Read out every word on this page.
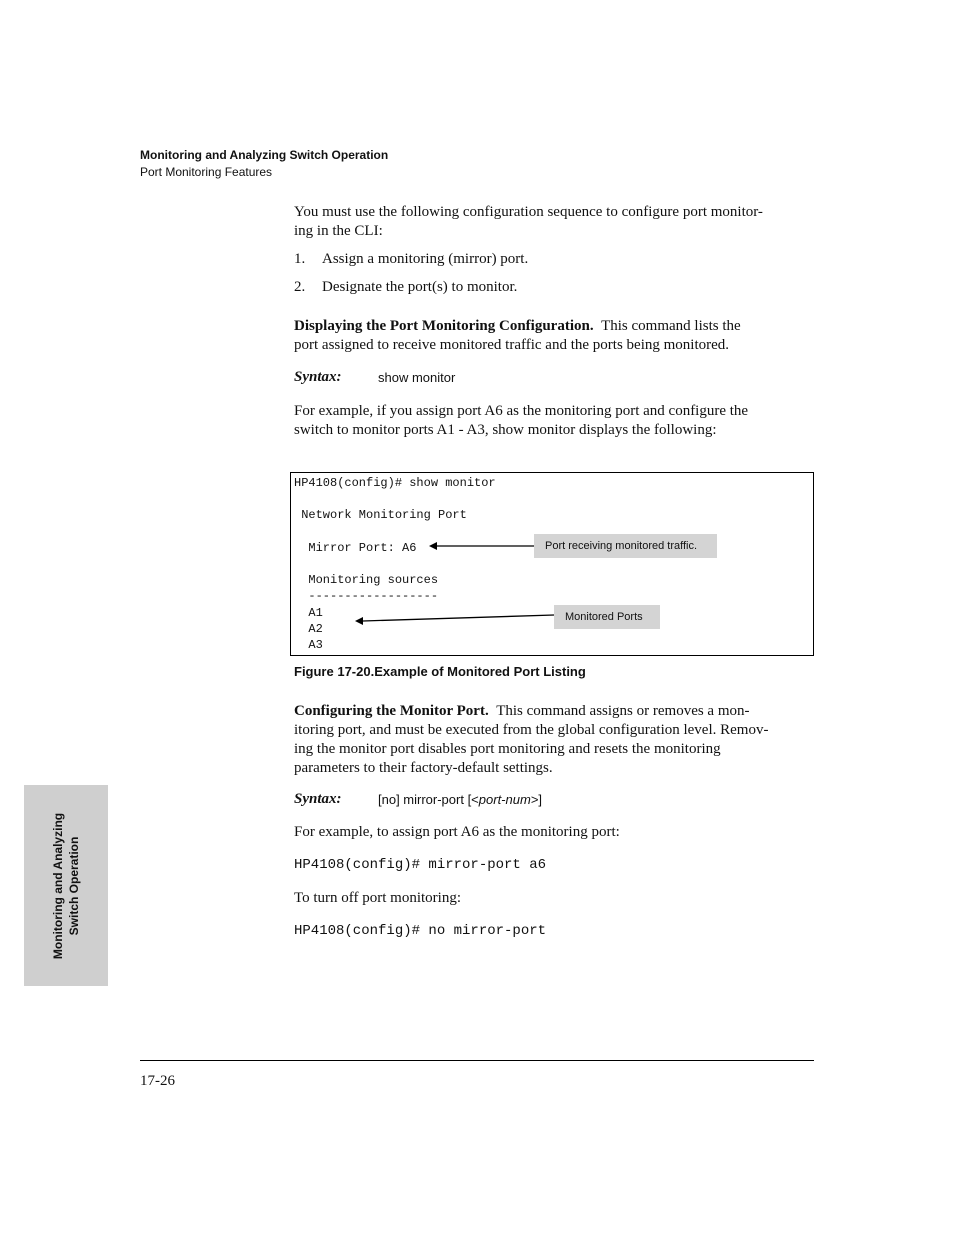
Monitoring and Analyzing Switch Operation
Port Monitoring Features
You must use the following configuration sequence to configure port monitor-
ing in the CLI:
1. Assign a monitoring (mirror) port.
2. Designate the port(s) to monitor.
Displaying the Port Monitoring Configuration. This command lists the
port assigned to receive monitored traffic and the ports being monitored.
Syntax:	show monitor
For example, if you assign port A6 as the monitoring port and configure the
switch to monitor ports A1 - A3, show monitor displays the following:
HP4108(config)# show monitor
Network Monitoring Port
Mirror Port: A6
Monitoring sources
------------------
A1
A2
A3
Port receiving monitored traffic.
Monitored Ports
Figure 17-20.Example of Monitored Port Listing
Configuring the Monitor Port. This command assigns or removes a mon-
itoring port, and must be executed from the global configuration level. Remov-
ing the monitor port disables port monitoring and resets the monitoring
parameters to their factory-default settings.
Syntax:	[no] mirror-port [<port-num>]
For example, to assign port A6 as the monitoring port:
HP4108(config)# mirror-port a6
To turn off port monitoring:
HP4108(config)# no mirror-port
Monitoring and Analyzing Switch Operation
17-26
